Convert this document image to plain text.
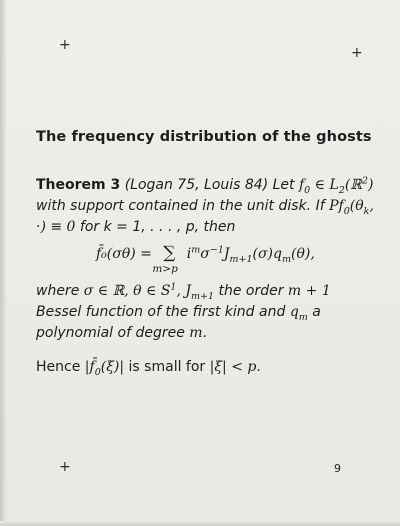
+	+
+
The frequency distribution of the ghosts
Theorem 3 (Logan 75, Louis 84) Let $f_0$ ∈ $L_2(ℝ^2)$ with support contained in the unit disk. If $Pf_0(\theta_k$, ·) ≡ 0 for k = 1, . . . , p, then
f̄₀(σθ) = ∑
m>p
$i^m\sigma^{-1}J_{m+1}(\sigma)q_m(\theta)$,
where σ ∈ ℝ, θ ∈ $S^1$, $J_{m+1}$ the order m + 1 Bessel function of the first kind and $q_m$ a polynomial of degree m.
Hence $|f̄_0(\xi)|$ is small for |ξ| < p.
9
